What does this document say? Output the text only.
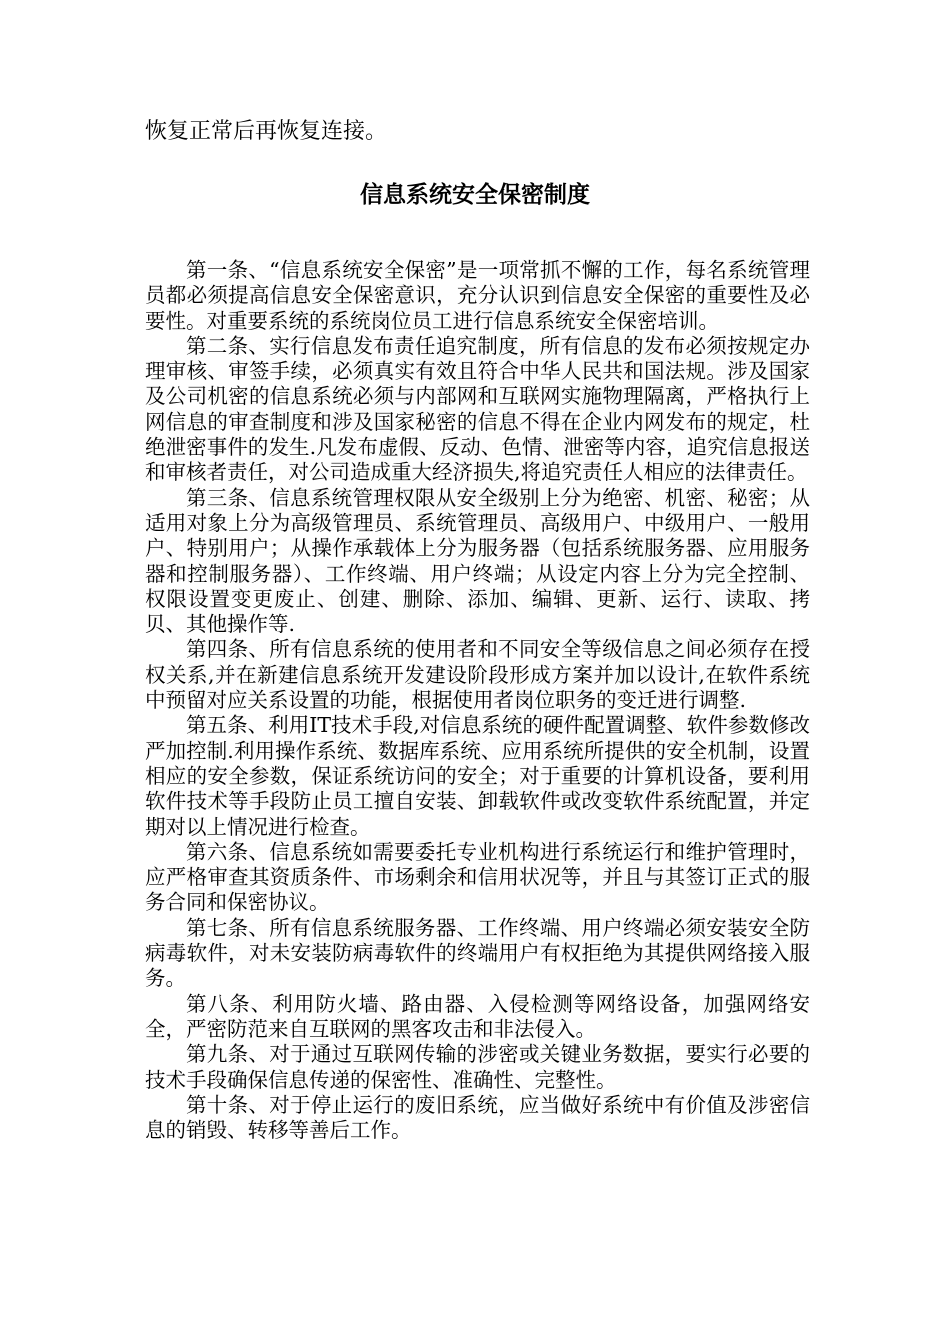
恢复正常后再恢复连接。

信息系统安全保密制度

第一条、“信息系统安全保密”是一项常抓不懈的工作，每名系统管理员都必须提高信息安全保密意识，充分认识到信息安全保密的重要性及必要性。对重要系统的系统岗位员工进行信息系统安全保密培训。

第二条、实行信息发布责任追究制度，所有信息的发布必须按规定办理审核、审签手续，必须真实有效且符合中华人民共和国法规。涉及国家及公司机密的信息系统必须与内部网和互联网实施物理隔离，严格执行上网信息的审查制度和涉及国家秘密的信息不得在企业内网发布的规定，杜绝泄密事件的发生.凡发布虚假、反动、色情、泄密等内容，追究信息报送和审核者责任，对公司造成重大经济损失,将追究责任人相应的法律责任。

第三条、信息系统管理权限从安全级别上分为绝密、机密、秘密；从适用对象上分为高级管理员、系统管理员、高级用户、中级用户、一般用户、特别用户；从操作承载体上分为服务器（包括系统服务器、应用服务器和控制服务器）、工作终端、用户终端；从设定内容上分为完全控制、权限设置变更废止、创建、删除、添加、编辑、更新、运行、读取、拷贝、其他操作等.

第四条、所有信息系统的使用者和不同安全等级信息之间必须存在授权关系,并在新建信息系统开发建设阶段形成方案并加以设计,在软件系统中预留对应关系设置的功能，根据使用者岗位职务的变迁进行调整.

第五条、利用IT技术手段,对信息系统的硬件配置调整、软件参数修改严加控制.利用操作系统、数据库系统、应用系统所提供的安全机制，设置相应的安全参数，保证系统访问的安全；对于重要的计算机设备，要利用软件技术等手段防止员工擅自安装、卸载软件或改变软件系统配置，并定期对以上情况进行检查。

第六条、信息系统如需要委托专业机构进行系统运行和维护管理时，应严格审查其资质条件、市场剩余和信用状况等，并且与其签订正式的服务合同和保密协议。

第七条、所有信息系统服务器、工作终端、用户终端必须安装安全防病毒软件，对未安装防病毒软件的终端用户有权拒绝为其提供网络接入服务。

第八条、利用防火墙、路由器、入侵检测等网络设备，加强网络安全，严密防范来自互联网的黑客攻击和非法侵入。

第九条、对于通过互联网传输的涉密或关键业务数据，要实行必要的技术手段确保信息传递的保密性、准确性、完整性。

第十条、对于停止运行的废旧系统，应当做好系统中有价值及涉密信息的销毁、转移等善后工作。
